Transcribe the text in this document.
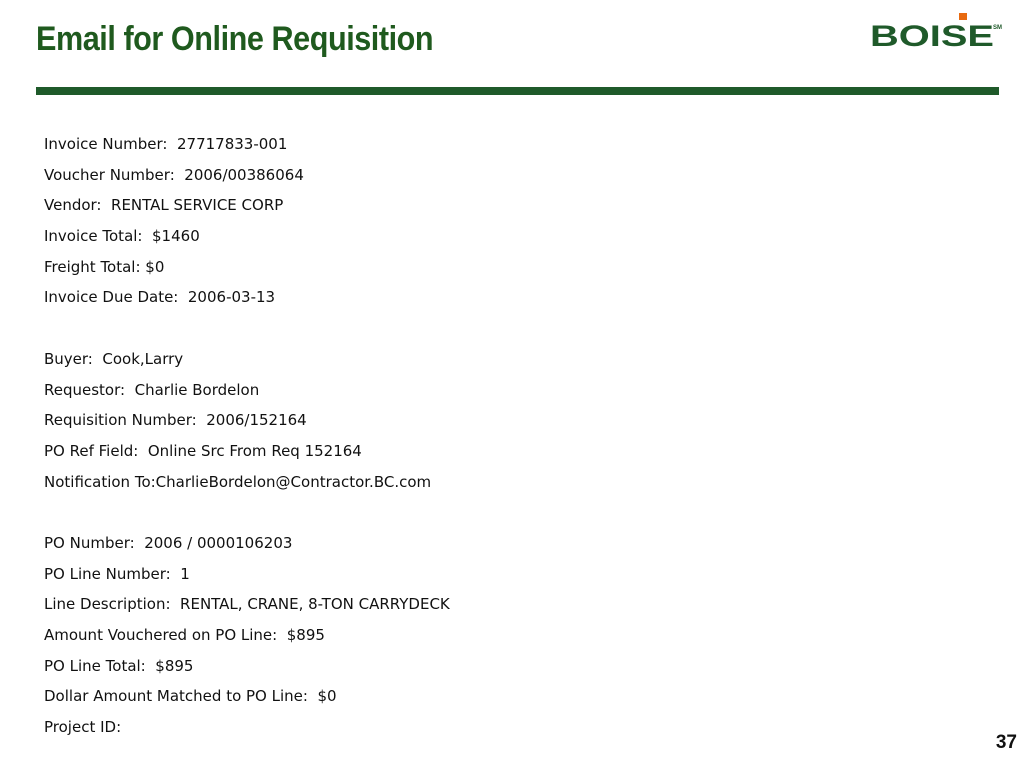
Email for Online Requisition	BOISE SM
Invoice Number:  27717833-001
Voucher Number:  2006/00386064
Vendor:  RENTAL SERVICE CORP
Invoice Total:  $1460
Freight Total: $0
Invoice Due Date:  2006-03-13
Buyer:  Cook,Larry
Requestor:  Charlie Bordelon
Requisition Number:  2006/152164
PO Ref Field:  Online Src From Req 152164
Notification To:CharlieBordelon@Contractor.BC.com
PO Number:  2006 / 0000106203
PO Line Number:  1
Line Description:  RENTAL, CRANE, 8-TON CARRYDECK
Amount Vouchered on PO Line:  $895
PO Line Total:  $895
Dollar Amount Matched to PO Line:  $0
Project ID:
37
